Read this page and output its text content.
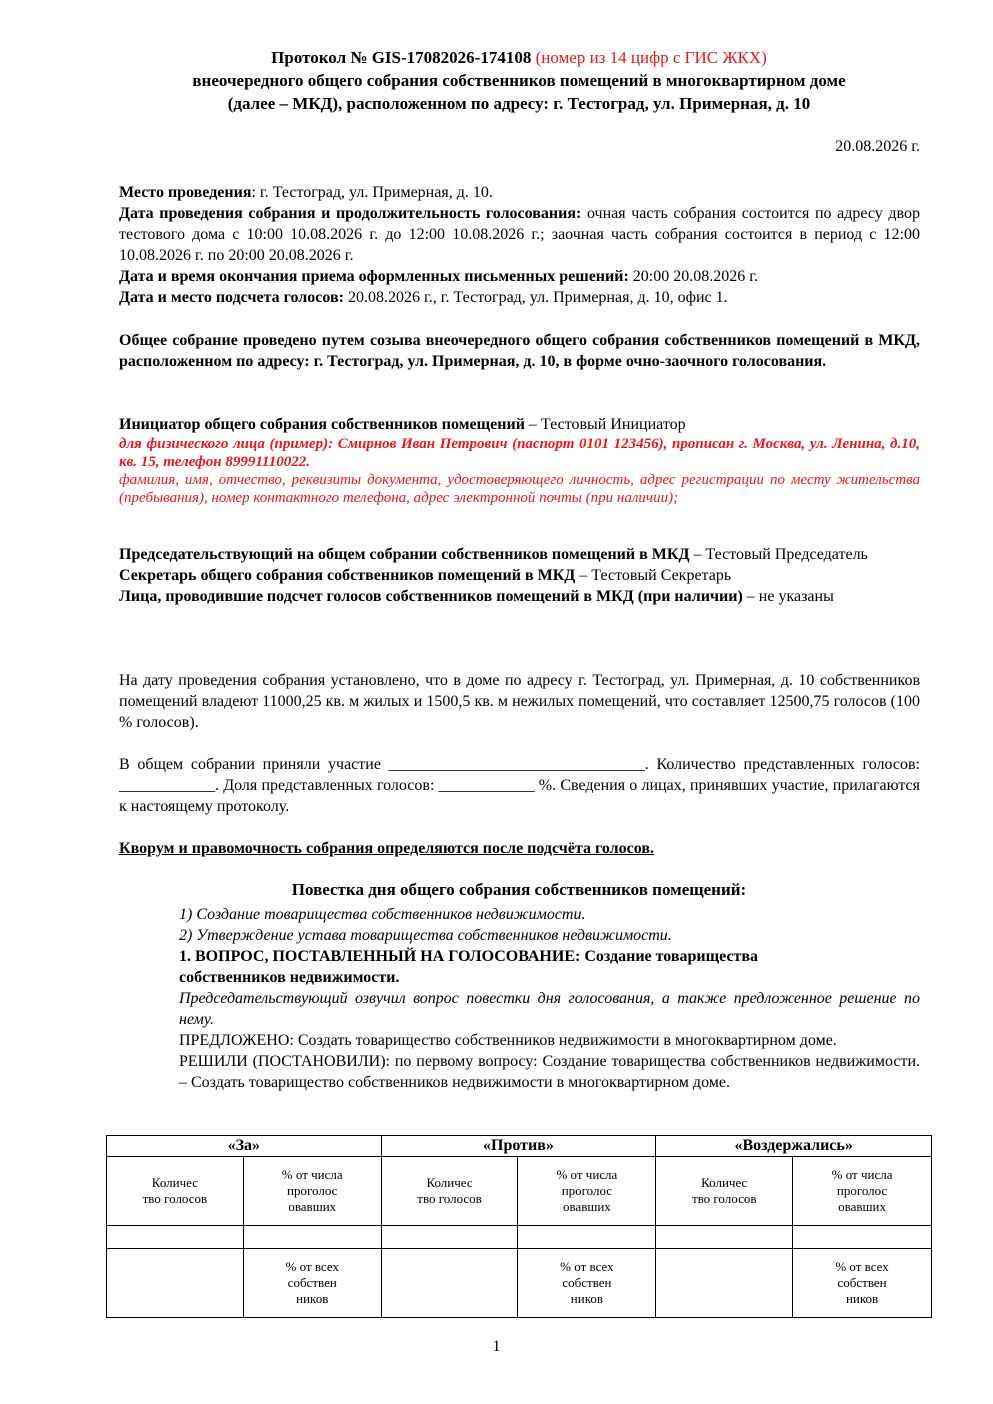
Протокол № GIS-17082026-174108 (номер из 14 цифр с ГИС ЖКХ)
внеочередного общего собрания собственников помещений в многоквартирном доме
(далее – МКД), расположенном по адресу: г. Тестоград, ул. Примерная, д. 10
20.08.2026 г.
Место проведения: г. Тестоград, ул. Примерная, д. 10.
Дата проведения собрания и продолжительность голосования: очная часть собрания состоится по адресу двор тестового дома с 10:00 10.08.2026 г. до 12:00 10.08.2026 г.; заочная часть собрания состоится в период с 12:00 10.08.2026 г. по 20:00 20.08.2026 г.
Дата и время окончания приема оформленных письменных решений: 20:00 20.08.2026 г.
Дата и место подсчета голосов: 20.08.2026 г., г. Тестоград, ул. Примерная, д. 10, офис 1.
Общее собрание проведено путем созыва внеочередного общего собрания собственников помещений в МКД, расположенном по адресу: г. Тестоград, ул. Примерная, д. 10, в форме очно-заочного голосования.
Инициатор общего собрания собственников помещений – Тестовый Инициатор
для физического лица (пример): Смирнов Иван Петрович (паспорт 0101 123456), прописан г. Москва, ул. Ленина, д.10, кв. 15, телефон 89991110022.
фамилия, имя, отчество, реквизиты документа, удостоверяющего личность, адрес регистрации по месту жительства (пребывания), номер контактного телефона, адрес электронной почты (при наличии);
Председательствующий на общем собрании собственников помещений в МКД – Тестовый Председатель
Секретарь общего собрания собственников помещений в МКД – Тестовый Секретарь
Лица, проводившие подсчет голосов собственников помещений в МКД (при наличии) – не указаны
На дату проведения собрания установлено, что в доме по адресу г. Тестоград, ул. Примерная, д. 10 собственников помещений владеют 11000,25 кв. м жилых и 1500,5 кв. м нежилых помещений, что составляет 12500,75 голосов (100 % голосов).
В общем собрании приняли участие ________________________________. Количество представленных голосов: ____________. Доля представленных голосов: ____________ %. Сведения о лицах, принявших участие, прилагаются к настоящему протоколу.
Кворум и правомочность собрания определяются после подсчёта голосов.
Повестка дня общего собрания собственников помещений:
1) Создание товарищества собственников недвижимости.
2) Утверждение устава товарищества собственников недвижимости.
1. ВОПРОС, ПОСТАВЛЕННЫЙ НА ГОЛОСОВАНИЕ: Создание товарищества собственников недвижимости.
Председательствующий озвучил вопрос повестки дня голосования, а также предложенное решение по нему.
ПРЕДЛОЖЕНО: Создать товарищество собственников недвижимости в многоквартирном доме.
РЕШИЛИ (ПОСТАНОВИЛИ): по первому вопросу: Создание товарищества собственников недвижимости. – Создать товарищество собственников недвижимости в многоквартирном доме.
«За»		«Против»		«Воздержались»	
Количес тво голосов	% от числа проголос овавших	Количес тво голосов	% от числа проголос овавших	Количес тво голосов	% от числа проголос овавших

	% от всех собствен ников		% от всех собствен ников		% от всех собствен ников
1
